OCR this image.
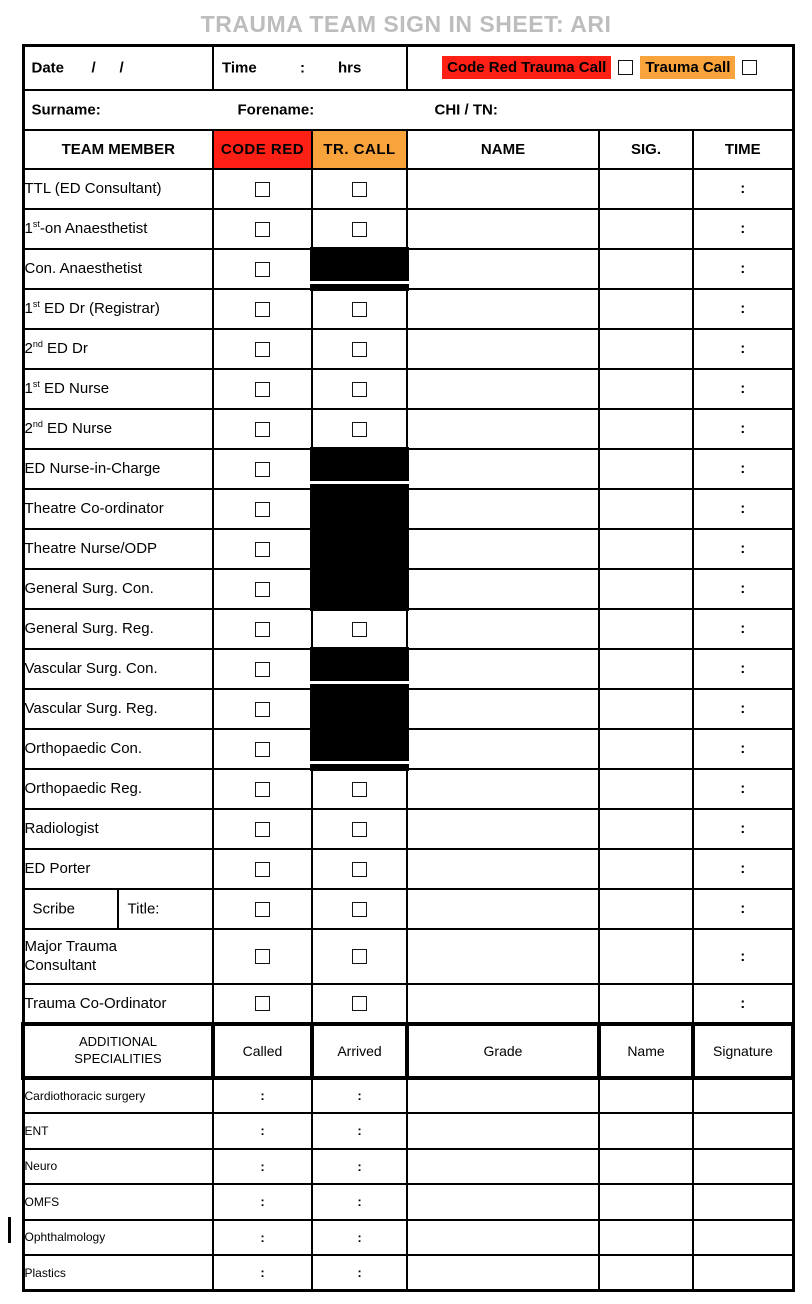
TRAUMA TEAM SIGN IN SHEET: ARI
Date / /	Time : hrs		Code Red Trauma Call Trauma Call		

Surname: Forename: CHI / TN:					

TEAM MEMBER	CODE RED	TR. CALL	NAME	SIG.	TIME
TTL (ED Consultant)					:
1st-on Anaesthetist					:
Con. Anaesthetist					:
1st ED Dr (Registrar)					:
2nd ED Dr					:
1st ED Nurse					:
2nd ED Nurse					:
ED Nurse-in-Charge					:
Theatre Co-ordinator					:
Theatre Nurse/ODP					:
General Surg. Con.					:
General Surg. Reg.					:
Vascular Surg. Con.					:
Vascular Surg. Reg.					:
Orthopaedic Con.					:
Orthopaedic Reg.					:
Radiologist					:
ED Porter					:

Scribe Title:					:
Major Trauma
Consultant					:
Trauma Co-Ordinator					:

ADDITIONAL
SPECIALITIES	Called	Arrived	Grade	Name	Signature
Cardiothoracic surgery	:	:			
ENT	:	:			
Neuro	:	:			
OMFS	:	:			
Ophthalmology	:	:			
Plastics	:	:			
